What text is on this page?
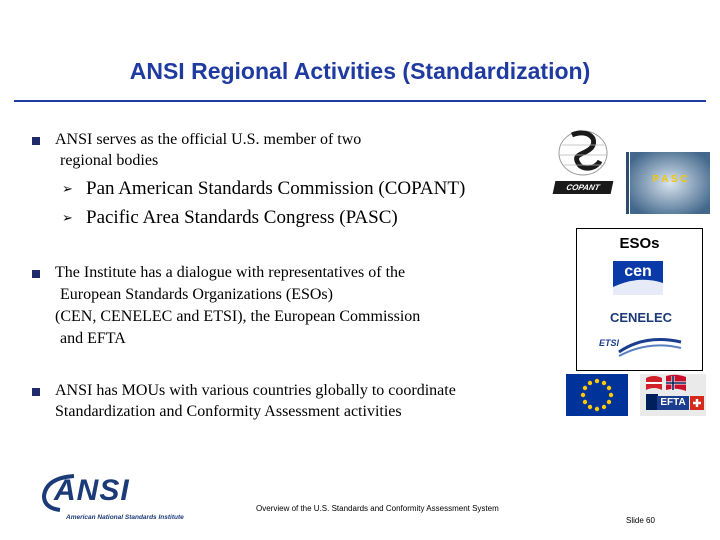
ANSI Regional Activities (Standardization)
ANSI serves as the official U.S. member of two
regional bodies
➢ Pan American Standards Commission (COPANT)
➢ Pacific Area Standards Congress (PASC)
The Institute has a dialogue with representatives of the
European Standards Organizations (ESOs)
(CEN, CENELEC and ETSI), the European Commission
and EFTA
ANSI has MOUs with various countries globally to coordinate
Standardization and Conformity Assessment activities
COPANT
P A S C
ESOs
cen
CENELEC
ETSI
EFTA
ANSI
American National Standards Institute
Overview of the U.S. Standards and Conformity Assessment System
Slide 60
